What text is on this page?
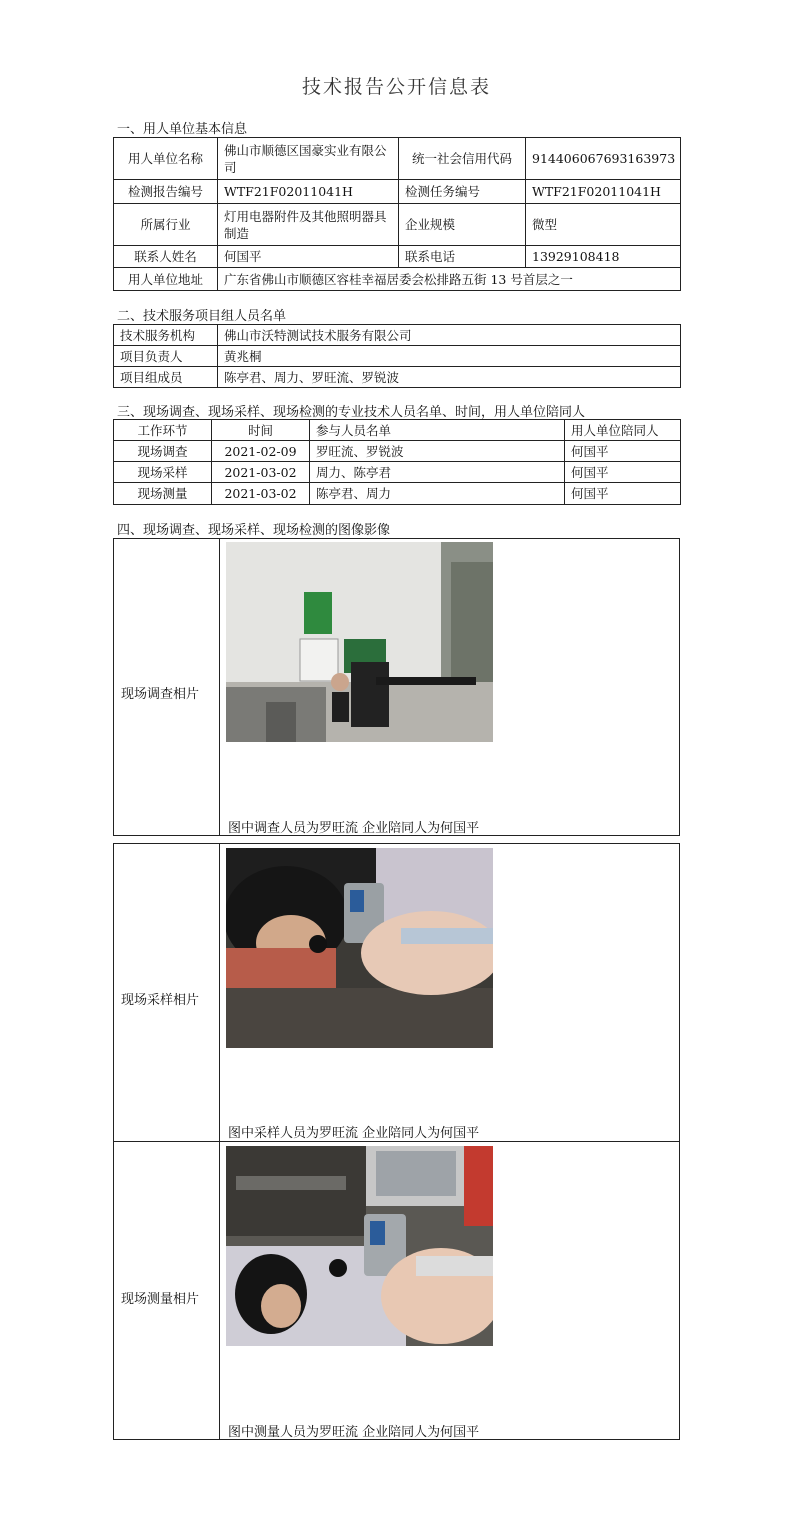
技术报告公开信息表
一、用人单位基本信息
用人单位名称	佛山市顺德区国豪实业有限公司	统一社会信用代码	914406067693163973
检测报告编号	WTF21F02011041H	检测任务编号	WTF21F02011041H
所属行业	灯用电器附件及其他照明器具制造	企业规模	微型
联系人姓名	何国平	联系电话	13929108418
用人单位地址	广东省佛山市顺德区容桂幸福居委会松排路五街 13 号首层之一		
二、技术服务项目组人员名单
技术服务机构	佛山市沃特测试技术服务有限公司
项目负责人	黄兆桐
项目组成员	陈亭君、周力、罗旺流、罗锐波
三、现场调查、现场采样、现场检测的专业技术人员名单、时间，用人单位陪同人
工作环节	时间	参与人员名单	用人单位陪同人
现场调查	2021-02-09	罗旺流、罗锐波	何国平
现场采样	2021-03-02	周力、陈亭君	何国平
现场测量	2021-03-02	陈亭君、周力	何国平
四、现场调查、现场采样、现场检测的图像影像
现场调查相片
图中调查人员为罗旺流 企业陪同人为何国平
现场采样相片
图中采样人员为罗旺流 企业陪同人为何国平
现场测量相片
图中测量人员为罗旺流 企业陪同人为何国平
